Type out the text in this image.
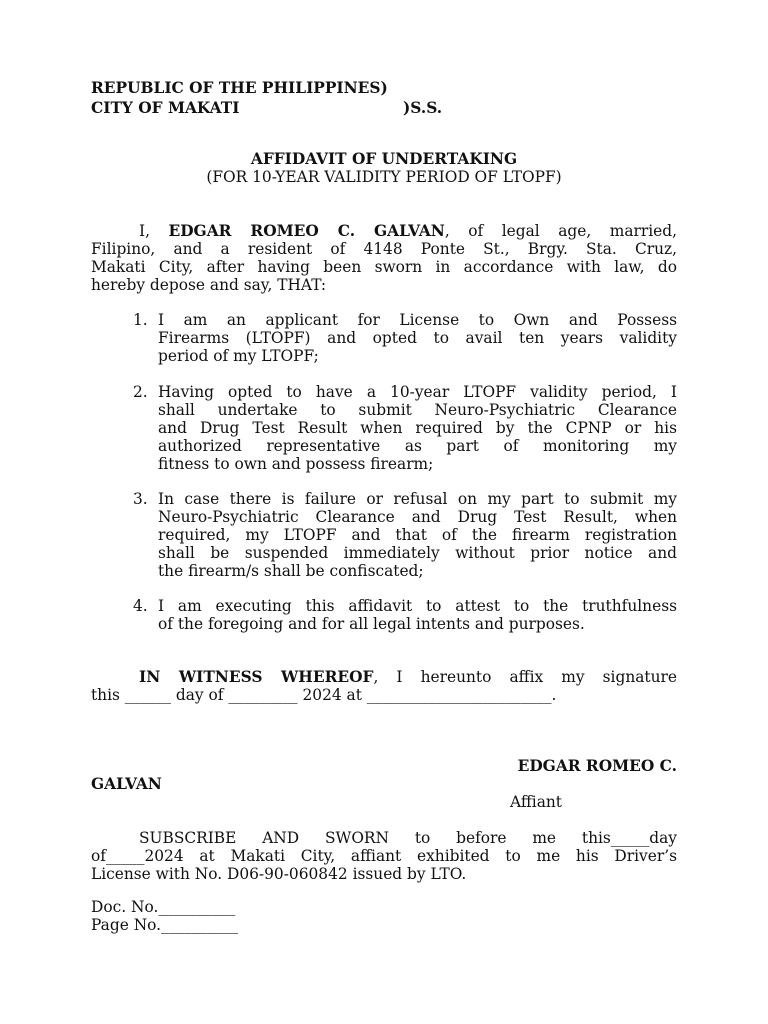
REPUBLIC OF THE PHILIPPINES)
CITY OF MAKATI	)S.S.
AFFIDAVIT OF UNDERTAKING
(FOR 10-YEAR VALIDITY PERIOD OF LTOPF)
I, EDGAR ROMEO C. GALVAN, of legal age, married,
Filipino, and a resident of 4148 Ponte St., Brgy. Sta. Cruz,
Makati City, after having been sworn in accordance with law, do
hereby depose and say, THAT:
1. I am an applicant for License to Own and Possess
Firearms (LTOPF) and opted to avail ten years validity
period of my LTOPF;
2. Having opted to have a 10-year LTOPF validity period, I
shall undertake to submit Neuro-Psychiatric Clearance
and Drug Test Result when required by the CPNP or his
authorized representative as part of monitoring my
fitness to own and possess firearm;
3. In case there is failure or refusal on my part to submit my
Neuro-Psychiatric Clearance and Drug Test Result, when
required, my LTOPF and that of the firearm registration
shall be suspended immediately without prior notice and
the firearm/s shall be confiscated;
4. I am executing this affidavit to attest to the truthfulness
of the foregoing and for all legal intents and purposes.
IN WITNESS WHEREOF, I hereunto affix my signature
this ______ day of _________ 2024 at ________________________.
EDGAR ROMEO C.
GALVAN
Affiant
SUBSCRIBE AND SWORN to before me this_____day
of_____2024 at Makati City, affiant exhibited to me his Driver’s
License with No. D06-90-060842 issued by LTO.
Doc. No.__________
Page No.__________
